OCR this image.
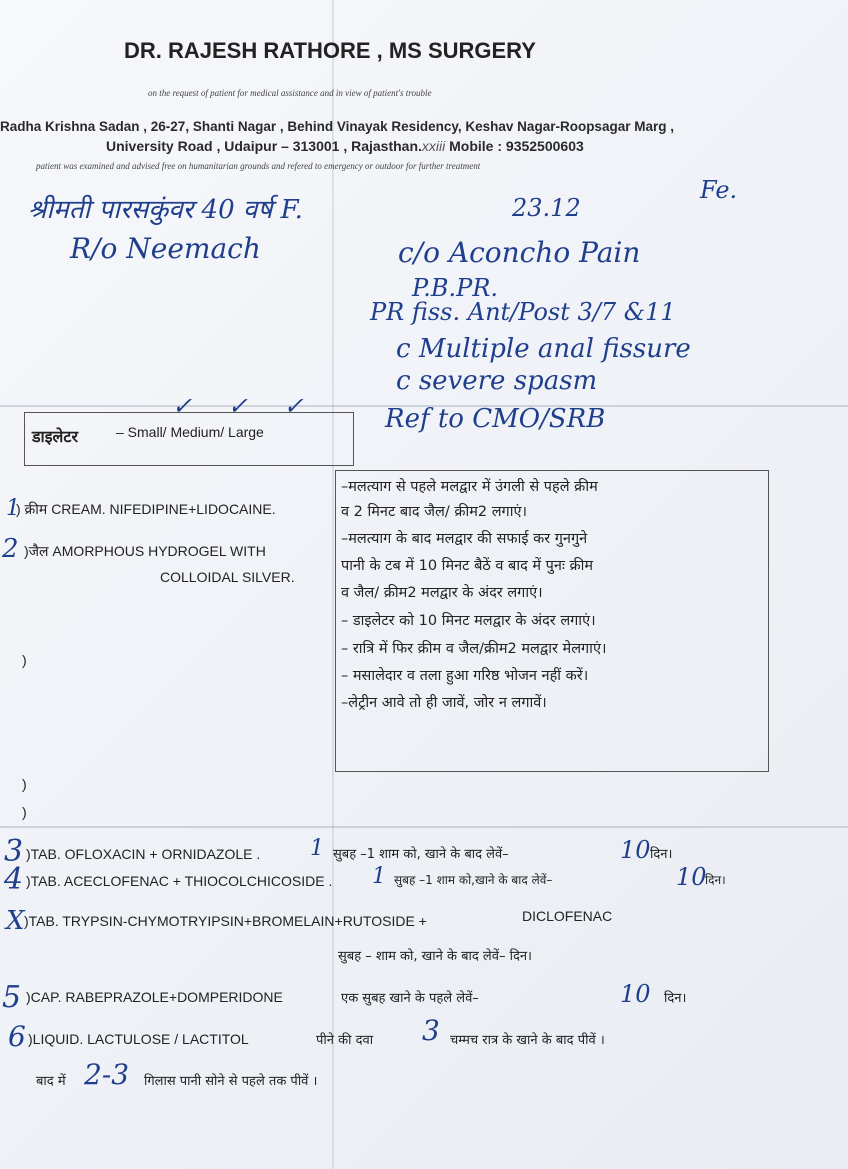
DR. RAJESH RATHORE , MS SURGERY
on the request of patient for medical assistance and in view of patient's trouble
Radha Krishna Sadan , 26-27, Shanti Nagar , Behind Vinayak Residency, Keshav Nagar-Roopsagar Marg ,
University Road , Udaipur – 313001 , Rajasthan.xxiii Mobile : 9352500603
patient was examined and advised free on humanitarian grounds and refered to emergency or outdoor for further treatment
श्रीमती पारसकुंवर 40 वर्ष F.
R/o Neemach
23.12
Fe.
c/o Aconcho Pain
P.B.PR.
PR fiss. Ant/Post 3/7 &11
c Multiple anal fissure
c severe spasm
Ref to CMO/SRB
✓ ✓ ✓
डाइलेटर	– Small/ Medium/ Large
1
) क्रीम CREAM. NIFEDIPINE+LIDOCAINE.
2 )जैल AMORPHOUS HYDROGEL WITH
COLLOIDAL SILVER.
–मलत्याग से पहले मलद्वार में उंगली से पहले क्रीम
व 2 मिनट बाद जैल/ क्रीम2 लगाएं।
–मलत्याग के बाद मलद्वार की सफाई कर गुनगुने
पानी के टब में 10 मिनट बैठें व बाद में पुनः क्रीम
व जैल/ क्रीम2 मलद्वार के अंदर लगाएं।
– डाइलेटर को 10 मिनट मलद्वार के अंदर लगाएं।
– रात्रि में फिर क्रीम व जैल/क्रीम2 मलद्वार मेलगाएं।
– मसालेदार व तला हुआ गरिष्ठ भोजन नहीं करें।
–लेट्रीन आवे तो ही जावें, जोर न लगावें।
)
)
)
3 )TAB. OFLOXACIN + ORNIDAZOLE . 1 सुबह –1 शाम को, खाने के बाद लेवें–	10 दिन।
4 )TAB. ACECLOFENAC + THIOCOLCHICOSIDE . 1 सुबह –1 शाम को,खाने के बाद लेवें–	10
दिन।
X )TAB. TRYPSIN-CHYMOTRYIPSIN+BROMELAIN+RUTOSIDE +	DICLOFENAC
सुबह – शाम को, खाने के बाद लेवें– दिन।
5 )CAP. RABEPRAZOLE+DOMPERIDONE	एक सुबह खाने के पहले लेवें–	10 दिन।
6 )LIQUID. LACTULOSE / LACTITOL	पीने की दवा 3 चम्मच रात्र के खाने के बाद पीवें ।
बाद में 2-3 गिलास पानी सोने से पहले तक पीवें ।
